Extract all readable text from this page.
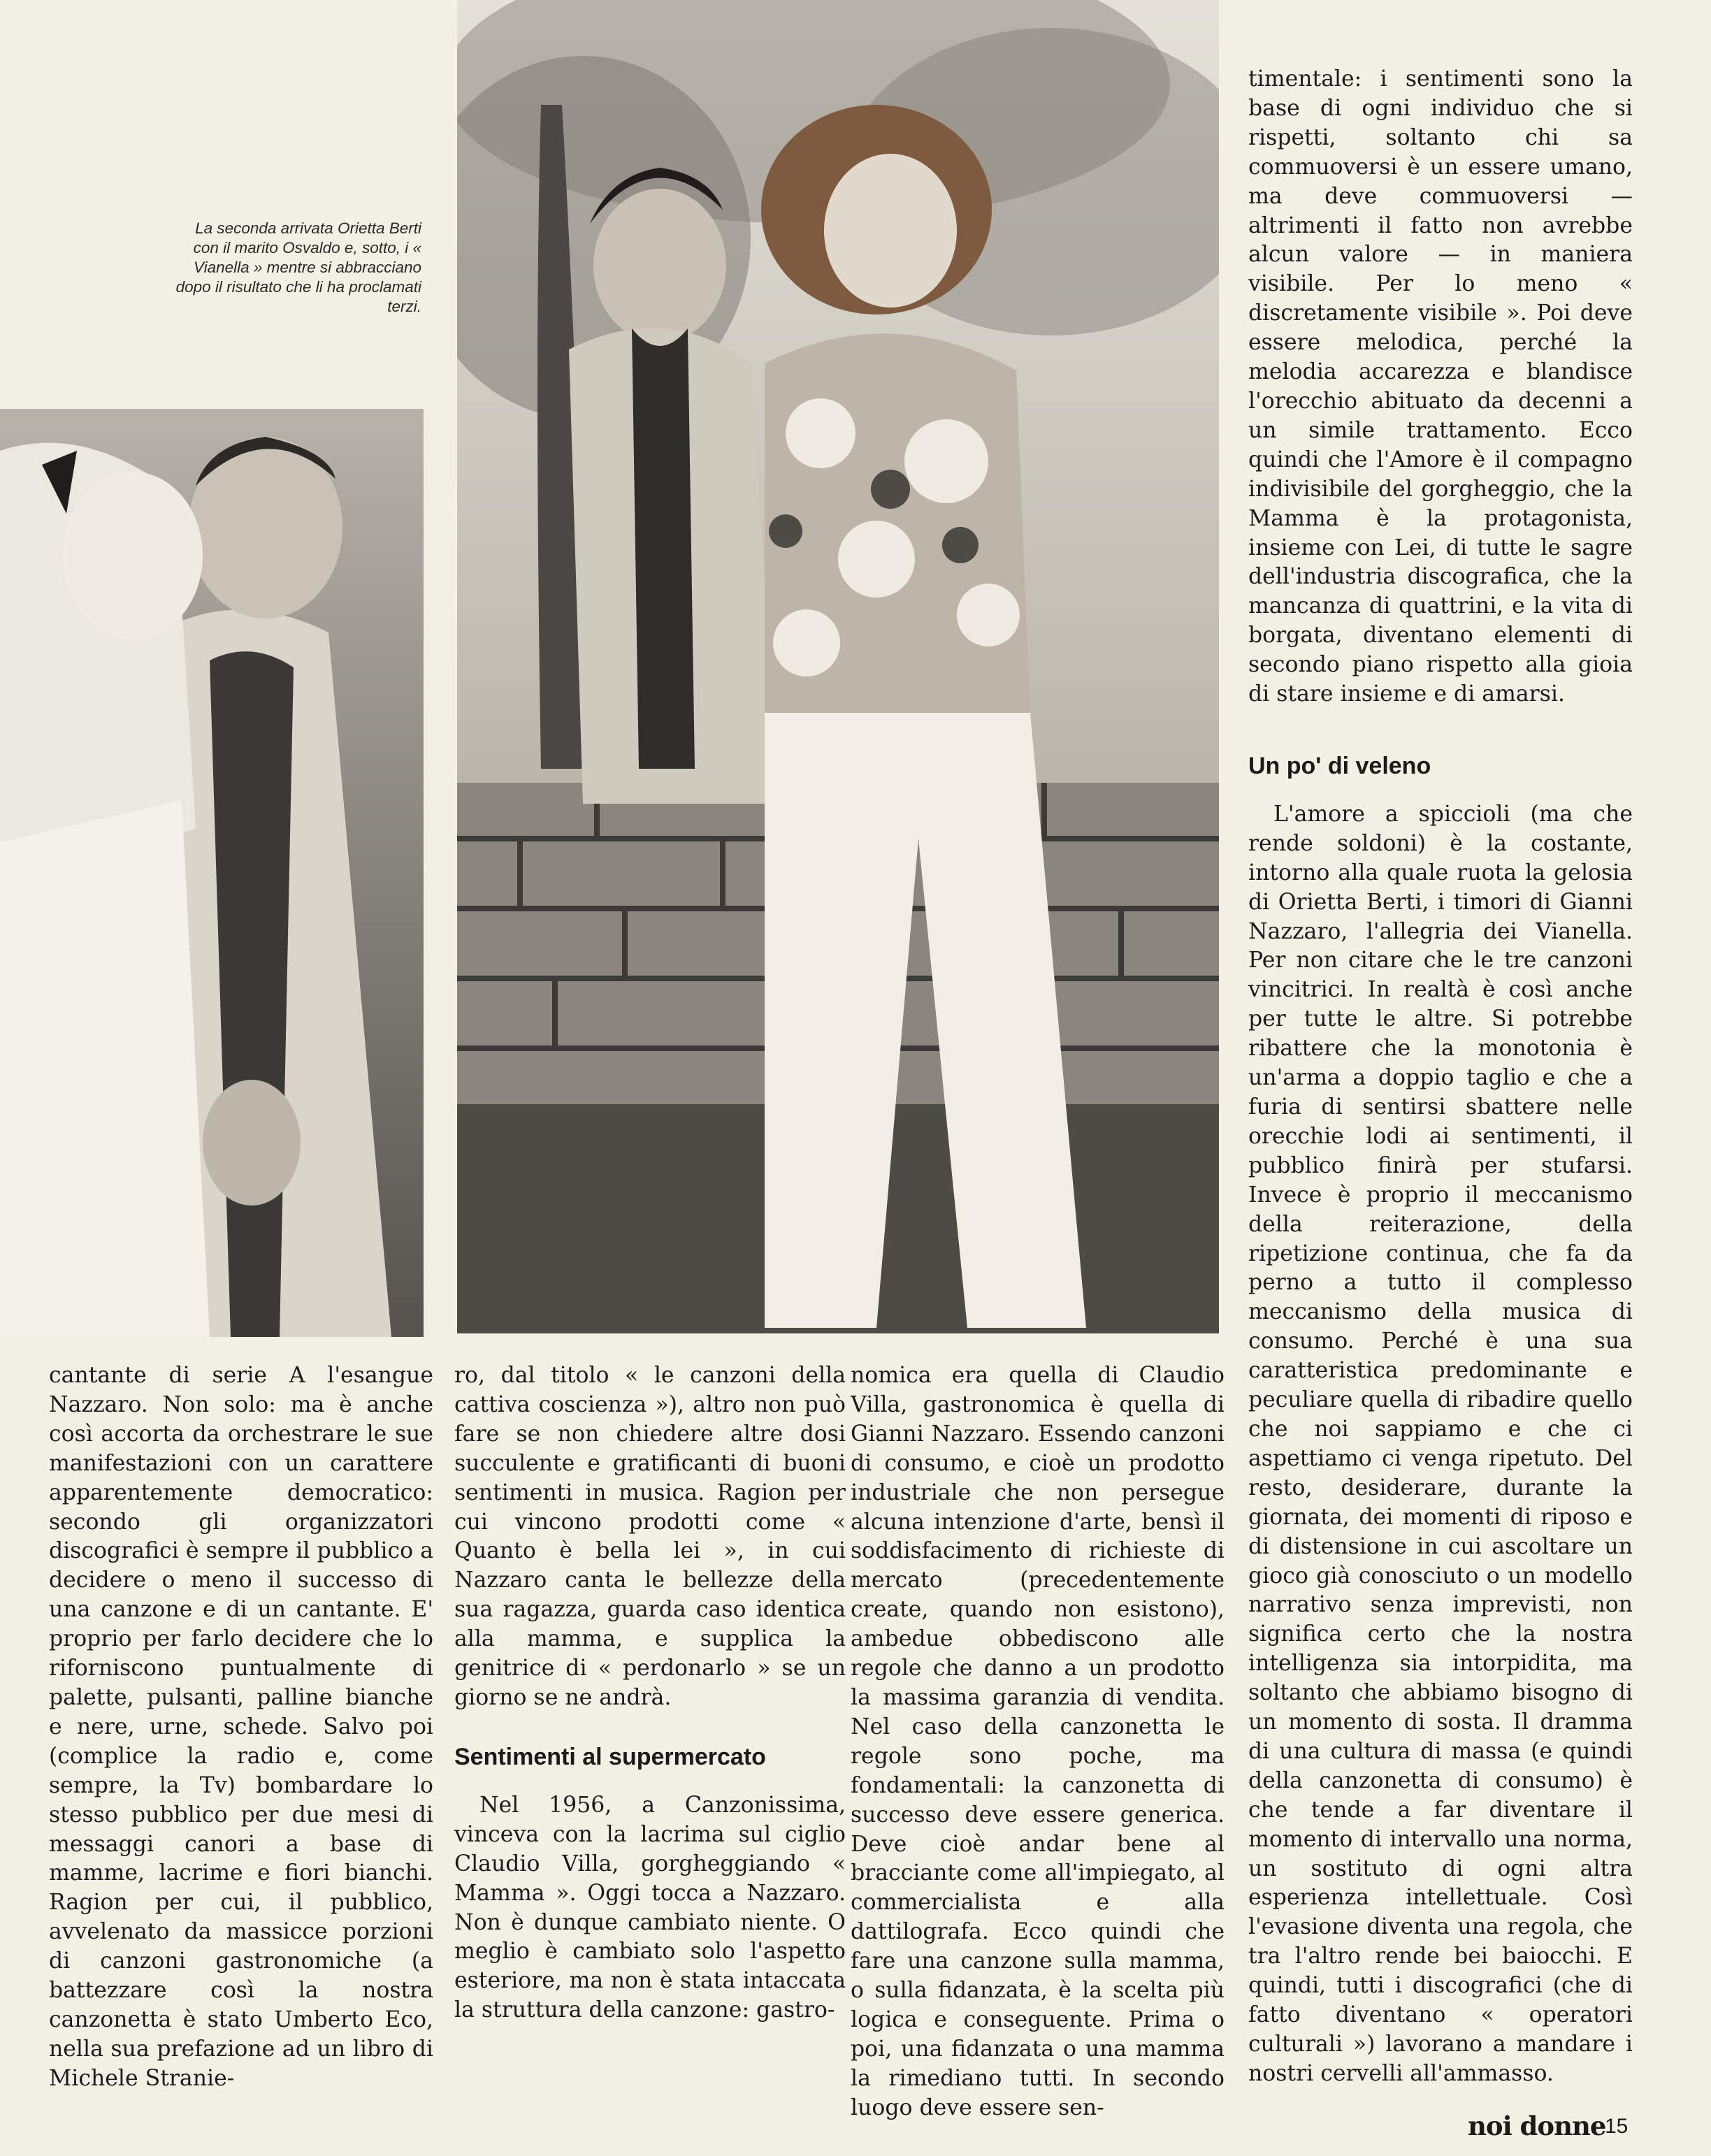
La seconda arrivata Orietta Berti con il marito Osvaldo e, sotto, i « Vianella » mentre si abbracciano dopo il risultato che li ha proclamati terzi.

cantante di serie A l'esangue Nazzaro. Non solo: ma è anche così accorta da orchestrare le sue manifestazioni con un carattere apparentemente democratico: secondo gli organizzatori discografici è sempre il pubblico a decidere o meno il successo di una canzone e di un cantante. E' proprio per farlo decidere che lo riforniscono puntualmente di palette, pulsanti, palline bianche e nere, urne, schede. Salvo poi (complice la radio e, come sempre, la Tv) bombardare lo stesso pubblico per due mesi di messaggi canori a base di mamme, lacrime e fiori bianchi. Ragion per cui, il pubblico, avvelenato da massicce porzioni di canzoni gastronomiche (a battezzare così la nostra canzonetta è stato Umberto Eco, nella sua prefazione ad un libro di Michele Stranie-

ro, dal titolo « le canzoni della cattiva coscienza »), altro non può fare se non chiedere altre dosi succulente e gratificanti di buoni sentimenti in musica. Ragion per cui vincono prodotti come « Quanto è bella lei », in cui Nazzaro canta le bellezze della sua ragazza, guarda caso identica alla mamma, e supplica la genitrice di « perdonarlo » se un giorno se ne andrà.

Sentimenti al supermercato

Nel 1956, a Canzonissima, vinceva con la lacrima sul ciglio Claudio Villa, gorgheggiando « Mamma ». Oggi tocca a Nazzaro. Non è dunque cambiato niente. O meglio è cambiato solo l'aspetto esteriore, ma non è stata intaccata la struttura della canzone: gastro-

nomica era quella di Claudio Villa, gastronomica è quella di Gianni Nazzaro. Essendo canzoni di consumo, e cioè un prodotto industriale che non persegue alcuna intenzione d'arte, bensì il soddisfacimento di richieste di mercato (precedentemente create, quando non esistono), ambedue obbediscono alle regole che danno a un prodotto la massima garanzia di vendita. Nel caso della canzonetta le regole sono poche, ma fondamentali: la canzonetta di successo deve essere generica. Deve cioè andar bene al bracciante come all'impiegato, al commercialista e alla dattilografa. Ecco quindi che fare una canzone sulla mamma, o sulla fidanzata, è la scelta più logica e conseguente. Prima o poi, una fidanzata o una mamma la rimediano tutti. In secondo luogo deve essere sen-

timentale: i sentimenti sono la base di ogni individuo che si rispetti, soltanto chi sa commuoversi è un essere umano, ma deve commuoversi — altrimenti il fatto non avrebbe alcun valore — in maniera visibile. Per lo meno « discretamente visibile ». Poi deve essere melodica, perché la melodia accarezza e blandisce l'orecchio abituato da decenni a un simile trattamento. Ecco quindi che l'Amore è il compagno indivisibile del gorgheggio, che la Mamma è la protagonista, insieme con Lei, di tutte le sagre dell'industria discografica, che la mancanza di quattrini, e la vita di borgata, diventano elementi di secondo piano rispetto alla gioia di stare insieme e di amarsi.

Un po' di veleno

L'amore a spiccioli (ma che rende soldoni) è la costante, intorno alla quale ruota la gelosia di Orietta Berti, i timori di Gianni Nazzaro, l'allegria dei Vianella. Per non citare che le tre canzoni vincitrici. In realtà è così anche per tutte le altre. Si potrebbe ribattere che la monotonia è un'arma a doppio taglio e che a furia di sentirsi sbattere nelle orecchie lodi ai sentimenti, il pubblico finirà per stufarsi. Invece è proprio il meccanismo della reiterazione, della ripetizione continua, che fa da perno a tutto il complesso meccanismo della musica di consumo. Perché è una sua caratteristica predominante e peculiare quella di ribadire quello che noi sappiamo e che ci aspettiamo ci venga ripetuto. Del resto, desiderare, durante la giornata, dei momenti di riposo e di distensione in cui ascoltare un gioco già conosciuto o un modello narrativo senza imprevisti, non significa certo che la nostra intelligenza sia intorpidita, ma soltanto che abbiamo bisogno di un momento di sosta. Il dramma di una cultura di massa (e quindi della canzonetta di consumo) è che tende a far diventare il momento di intervallo una norma, un sostituto di ogni altra esperienza intellettuale. Così l'evasione diventa una regola, che tra l'altro rende bei baiocchi. E quindi, tutti i discografici (che di fatto diventano « operatori culturali ») lavorano a mandare i nostri cervelli all'ammasso.

noi donne
15
